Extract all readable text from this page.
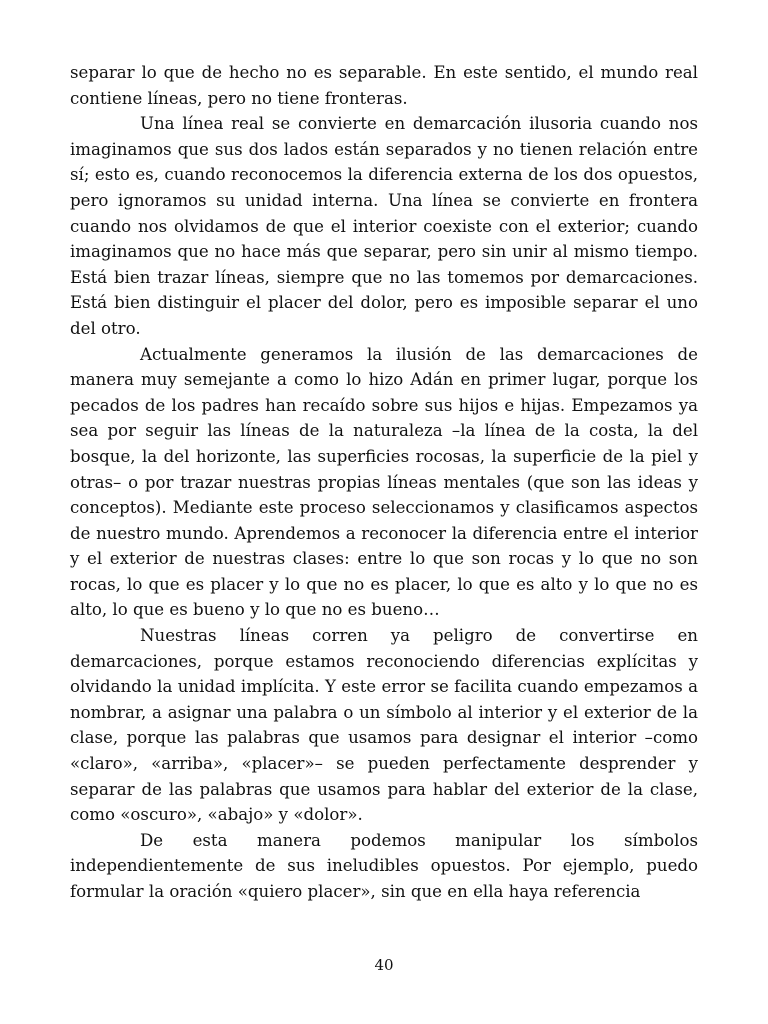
separar lo que de hecho no es separable. En este sentido, el mundo real contiene líneas, pero no tiene fronteras.

Una línea real se convierte en demarcación ilusoria cuando nos imaginamos que sus dos lados están separados y no tienen relación entre sí; esto es, cuando reconocemos la diferencia externa de los dos opuestos, pero ignoramos su unidad interna. Una línea se convierte en frontera cuando nos olvidamos de que el interior coexiste con el exterior; cuando imaginamos que no hace más que separar, pero sin unir al mismo tiempo. Está bien trazar líneas, siempre que no las tomemos por demarcaciones. Está bien distinguir el placer del dolor, pero es imposible separar el uno del otro.

Actualmente generamos la ilusión de las demarcaciones de manera muy semejante a como lo hizo Adán en primer lugar, porque los pecados de los padres han recaído sobre sus hijos e hijas. Empezamos ya sea por seguir las líneas de la naturaleza –la línea de la costa, la del bosque, la del horizonte, las superficies rocosas, la superficie de la piel y otras– o por trazar nuestras propias líneas mentales (que son las ideas y conceptos). Mediante este proceso seleccionamos y clasificamos aspectos de nuestro mundo. Aprendemos a reconocer la diferencia entre el interior y el exterior de nuestras clases: entre lo que son rocas y lo que no son rocas, lo que es placer y lo que no es placer, lo que es alto y lo que no es alto, lo que es bueno y lo que no es bueno…

Nuestras líneas corren ya peligro de convertirse en demarcaciones, porque estamos reconociendo diferencias explícitas y olvidando la unidad implícita. Y este error se facilita cuando empezamos a nombrar, a asignar una palabra o un símbolo al interior y el exterior de la clase, porque las palabras que usamos para designar el interior –como «claro», «arriba», «placer»– se pueden perfectamente desprender y separar de las palabras que usamos para hablar del exterior de la clase, como «oscuro», «abajo» y «dolor».

De esta manera podemos manipular los símbolos independientemente de sus ineludibles opuestos. Por ejemplo, puedo formular la oración «quiero placer», sin que en ella haya referencia

40
